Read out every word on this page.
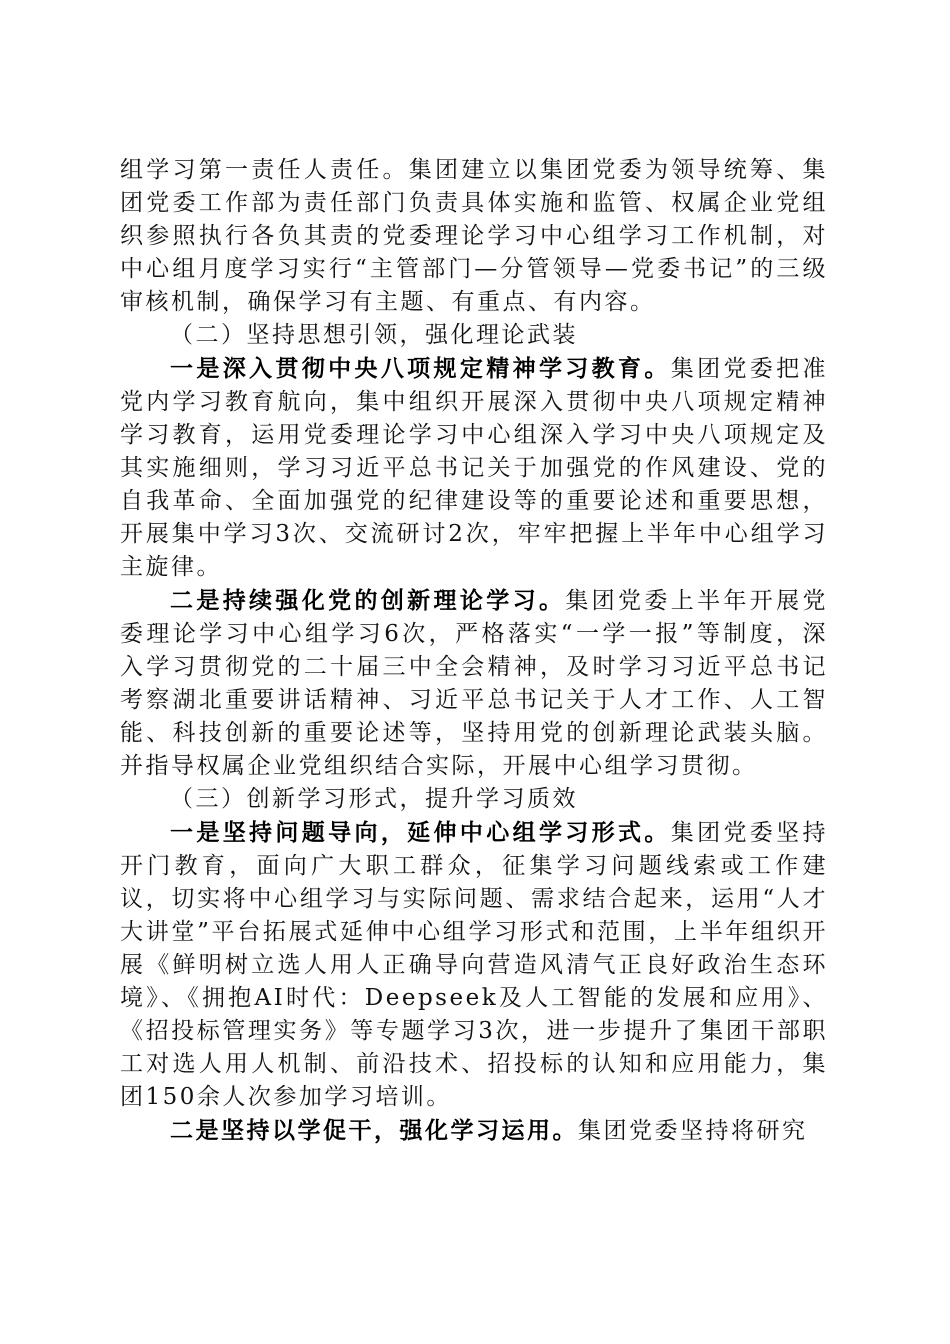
组学习第一责任人责任。集团建立以集团党委为领导统筹、集团党委工作部为责任部门负责具体实施和监管、权属企业党组织参照执行各负其责的党委理论学习中心组学习工作机制，对中心组月度学习实行“主管部门—分管领导—党委书记”的三级审核机制，确保学习有主题、有重点、有内容。

（二）坚持思想引领，强化理论武装

一是深入贯彻中央八项规定精神学习教育。集团党委把准党内学习教育航向，集中组织开展深入贯彻中央八项规定精神学习教育，运用党委理论学习中心组深入学习中央八项规定及其实施细则，学习习近平总书记关于加强党的作风建设、党的自我革命、全面加强党的纪律建设等的重要论述和重要思想，开展集中学习3次、交流研讨2次，牢牢把握上半年中心组学习主旋律。

二是持续强化党的创新理论学习。集团党委上半年开展党委理论学习中心组学习6次，严格落实“一学一报”等制度，深入学习贯彻党的二十届三中全会精神，及时学习习近平总书记考察湖北重要讲话精神、习近平总书记关于人才工作、人工智能、科技创新的重要论述等，坚持用党的创新理论武装头脑。并指导权属企业党组织结合实际，开展中心组学习贯彻。

（三）创新学习形式，提升学习质效

一是坚持问题导向，延伸中心组学习形式。集团党委坚持开门教育，面向广大职工群众，征集学习问题线索或工作建议，切实将中心组学习与实际问题、需求结合起来，运用“人才大讲堂”平台拓展式延伸中心组学习形式和范围，上半年组织开展《鲜明树立选人用人正确导向营造风清气正良好政治生态环境》、《拥抱AI时代：Deepseek及人工智能的发展和应用》、《招投标管理实务》等专题学习3次，进一步提升了集团干部职工对选人用人机制、前沿技术、招投标的认知和应用能力，集团150余人次参加学习培训。

二是坚持以学促干，强化学习运用。集团党委坚持将研究
